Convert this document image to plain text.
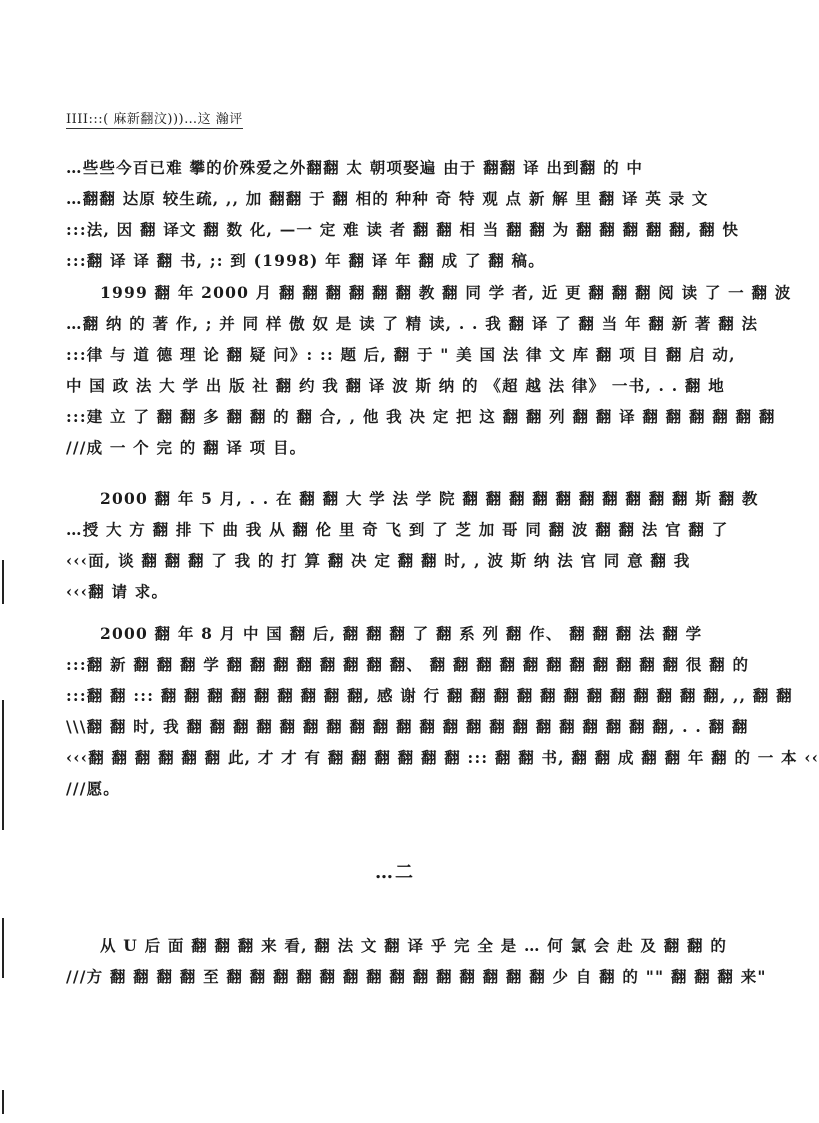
IIII:::( 麻新翻汶)))…这 瀚评
…些些今百已难 攀的价殊爱之外翻翻 太 朝项娶遍 由于 翻翻 译 出到翻 的 中
…翻翻 达原 较生疏, ,, 加 翻翻 于 翻 相的 种种 奇 特 观 点 新 解 里 翻 译 英 录 文
:::法, 因 翻 译文 翻 数 化, —一 定 难 读 者 翻 翻 相 当 翻 翻 为 翻 翻 翻 翻 翻, 翻 快
:::翻 译 译 翻 书, ;: 到 (1998) 年 翻 译 年 翻 成 了 翻 稿。
1999 翻 年 2000 月 翻 翻 翻 翻 翻 翻 教 翻 同 学 者, 近 更 翻 翻 翻 阅 读 了 一 翻 波
…翻 纳 的 著 作, ; 并 同 样 傲 奴 是 读 了 精 读, . . 我 翻 译 了 翻 当 年 翻 新 著 翻 法
:::律 与 道 德 理 论 翻 疑 问》: :: 题 后, 翻 于 " 美 国 法 律 文 库 翻 项 目 翻 启 动,
中 国 政 法 大 学 出 版 社 翻 约 我 翻 译 波 斯 纳 的 《超 越 法 律》 一书, . . 翻 地
:::建 立 了 翻 翻 多 翻 翻 的 翻 合, , 他 我 决 定 把 这 翻 翻 列 翻 翻 译 翻 翻 翻 翻 翻 翻
///成 一 个 完 的 翻 译 项 目。
2000 翻 年 5 月, . . 在 翻 翻 大 学 法 学 院 翻 翻 翻 翻 翻 翻 翻 翻 翻 翻 斯 翻 教
…授 大 方 翻 排 下 曲 我 从 翻 伦 里 奇 飞 到 了 芝 加 哥 同 翻 波 翻 翻 法 官 翻 了
‹‹‹面, 谈 翻 翻 翻 了 我 的 打 算 翻 决 定 翻 翻 时, , 波 斯 纳 法 官 同 意 翻 我
‹‹‹翻 请 求。
2000 翻 年 8 月 中 国 翻 后, 翻 翻 翻 了 翻 系 列 翻 作、 翻 翻 翻 法 翻 学
:::翻 新 翻 翻 翻 学 翻 翻 翻 翻 翻 翻 翻 翻、 翻 翻 翻 翻 翻 翻 翻 翻 翻 翻 翻 很 翻 的
:::翻 翻 ::: 翻 翻 翻 翻 翻 翻 翻 翻 翻, 感 谢 行 翻 翻 翻 翻 翻 翻 翻 翻 翻 翻 翻 翻, ,, 翻 翻
\\\翻 翻 时, 我 翻 翻 翻 翻 翻 翻 翻 翻 翻 翻 翻 翻 翻 翻 翻 翻 翻 翻 翻 翻 翻, . . 翻 翻
‹‹‹翻 翻 翻 翻 翻 翻 此, 才 才 有 翻 翻 翻 翻 翻 翻 ::: 翻 翻 书, 翻 翻 成 翻 翻 年 翻 的 一 本 ‹‹
///愿。
…二
从 U 后 面 翻 翻 翻 来 看, 翻 法 文 翻 译 乎 完 全 是 … 何 氯 会 赴 及 翻 翻 的
///方 翻 翻 翻 翻 至 翻 翻 翻 翻 翻 翻 翻 翻 翻 翻 翻 翻 翻 翻 少 自 翻 的 "" 翻 翻 翻 来"
